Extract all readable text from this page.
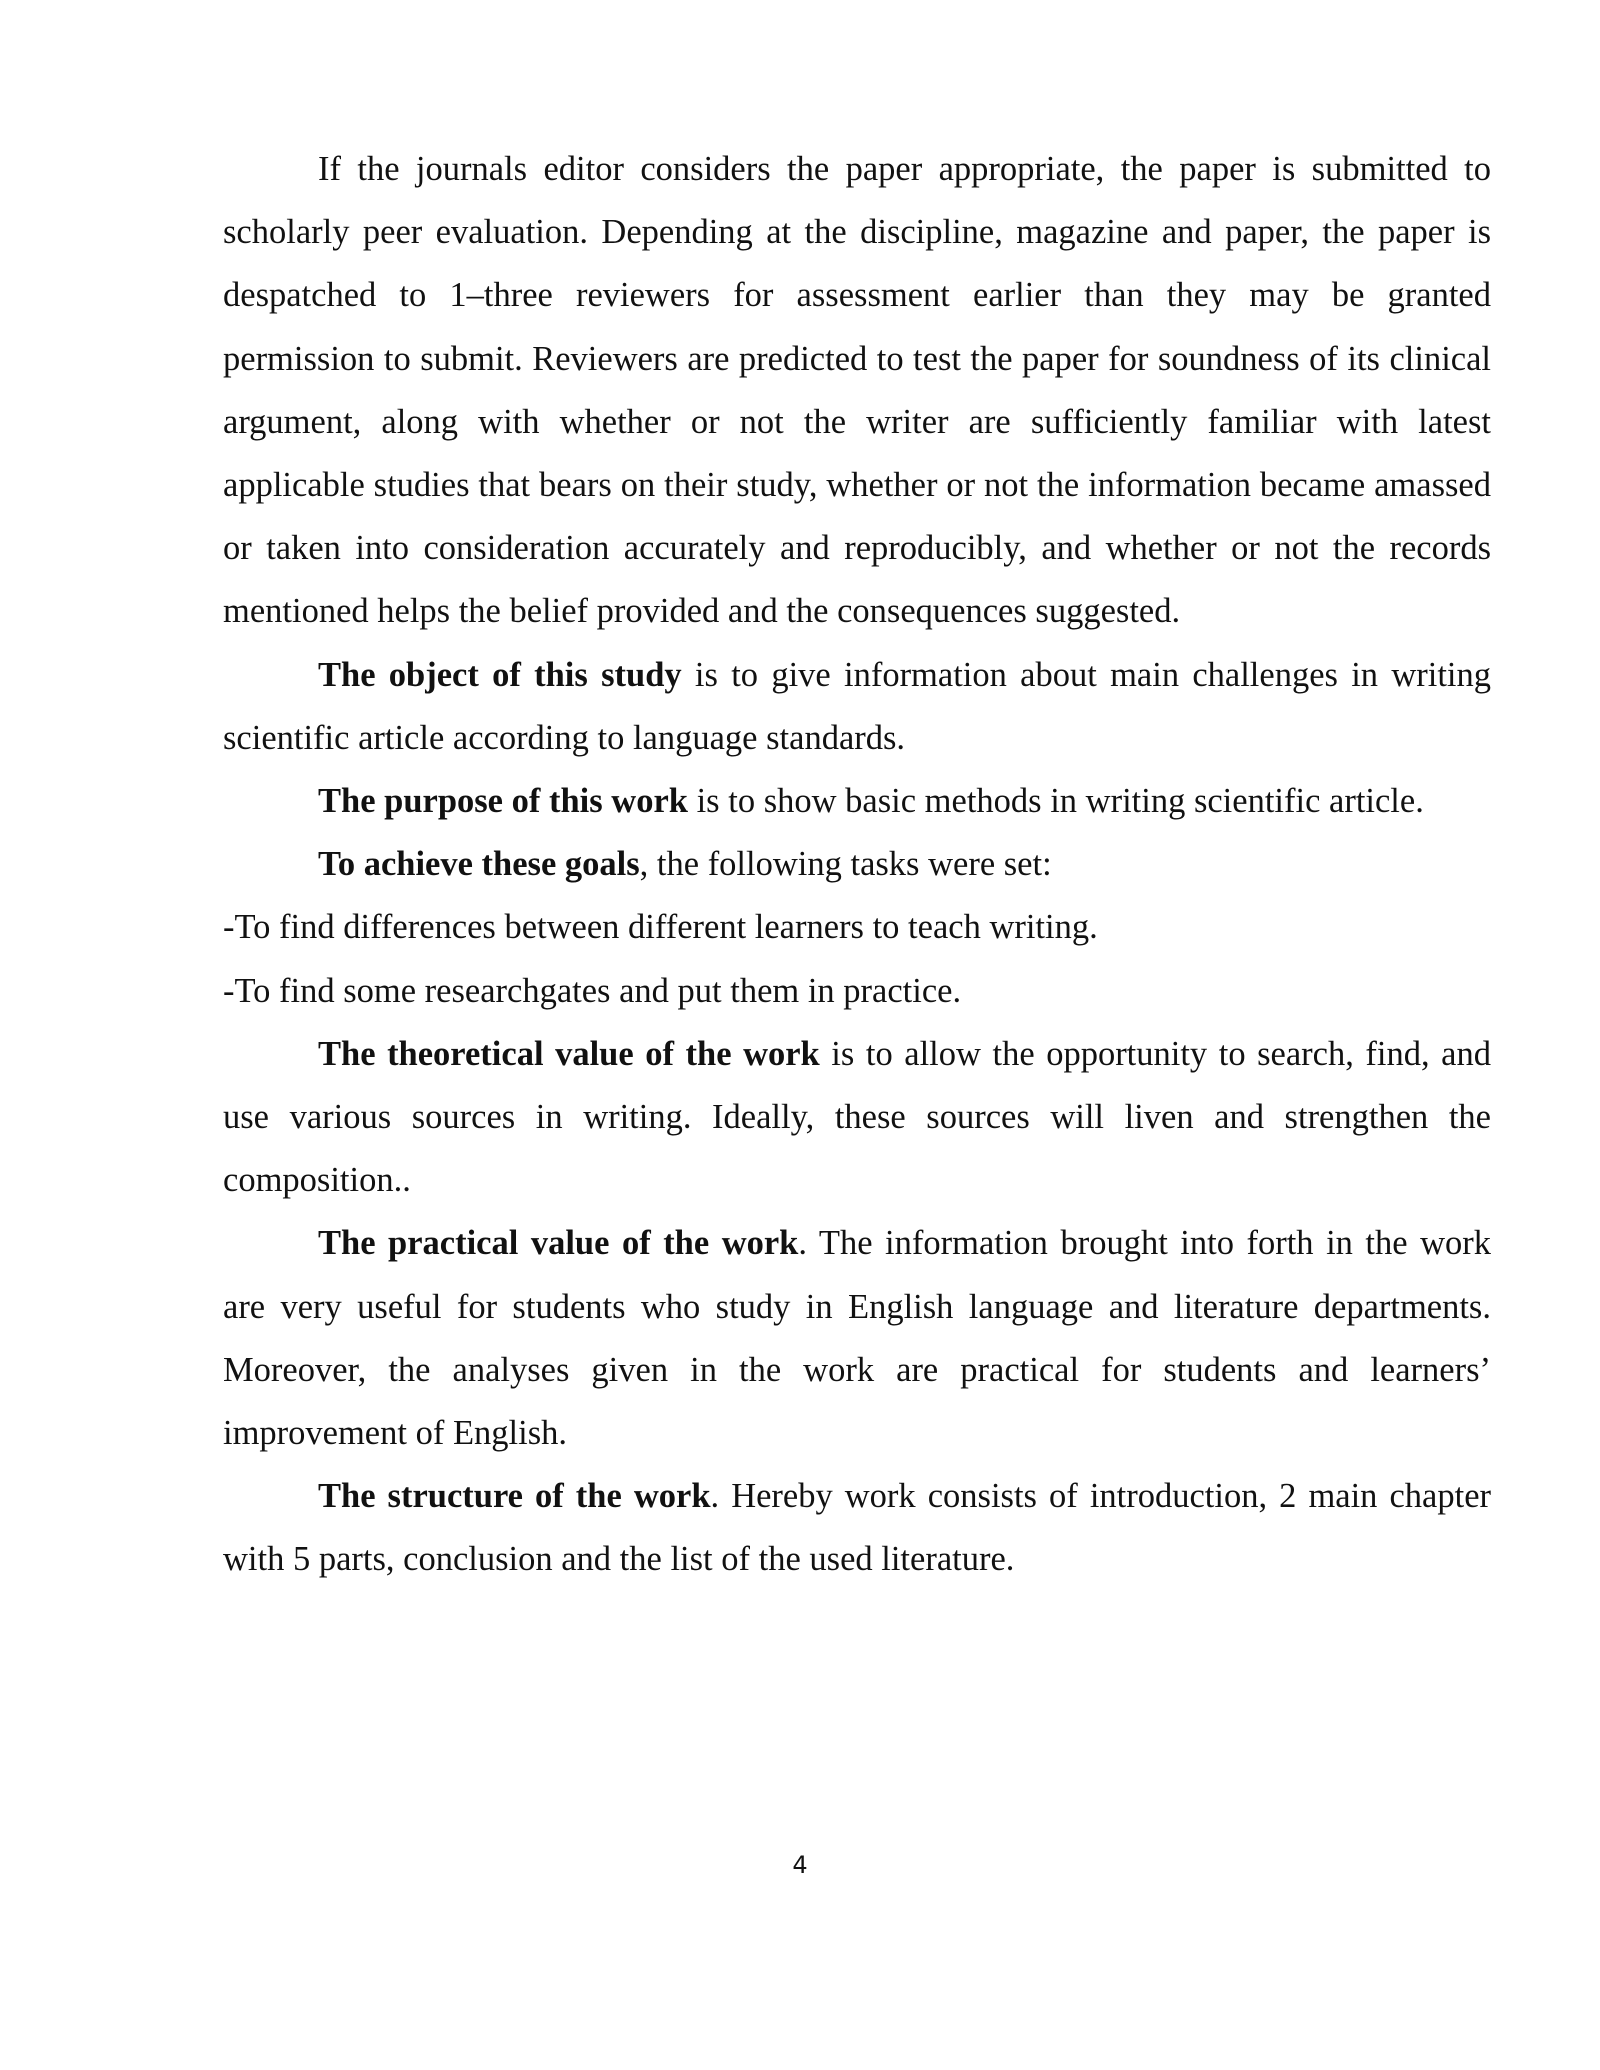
If the journals editor considers the paper appropriate, the paper is submitted to scholarly peer evaluation. Depending at the discipline, magazine and paper, the paper is despatched to 1–three reviewers for assessment earlier than they may be granted permission to submit. Reviewers are predicted to test the paper for soundness of its clinical argument, along with whether or not the writer are sufficiently familiar with latest applicable studies that bears on their study, whether or not the information became amassed or taken into consideration accurately and reproducibly, and whether or not the records mentioned helps the belief provided and the consequences suggested.

The object of this study is to give information about main challenges in writing scientific article according to language standards.

The purpose of this work is to show basic methods in writing scientific article.

To achieve these goals, the following tasks were set:

-To find differences between different learners to teach writing.

-To find some researchgates and put them in practice.

The theoretical value of the work is to allow the opportunity to search, find, and use various sources in writing. Ideally, these sources will liven and strengthen the composition..

The practical value of the work. The information brought into forth in the work are very useful for students who study in English language and literature departments. Moreover, the analyses given in the work are practical for students and learners’ improvement of English.

The structure of the work. Hereby work consists of introduction, 2 main chapter with 5 parts, conclusion and the list of the used literature.

4
